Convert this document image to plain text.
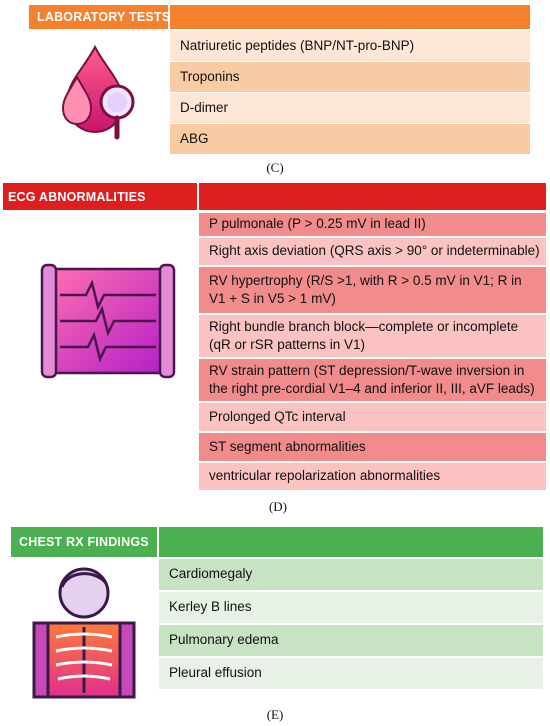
LABORATORY TESTS
Natriuretic peptides (BNP/NT-pro-BNP)
Troponins
D-dimer
ABG
(C)
ECG ABNORMALITIES
P pulmonale (P > 0.25 mV in lead II)
Right axis deviation (QRS axis > 90° or indeterminable)
RV hypertrophy (R/S >1, with R > 0.5 mV in V1; R in V1 + S in V5 > 1 mV)
Right bundle branch block—complete or incomplete (qR or rSR patterns in V1)
RV strain pattern (ST depression/T-wave inversion in the right pre-cordial V1–4 and inferior II, III, aVF leads)
Prolonged QTc interval
ST segment abnormalities
ventricular repolarization abnormalities
(D)
CHEST RX FINDINGS
Cardiomegaly
Kerley B lines
Pulmonary edema
Pleural effusion
(E)
